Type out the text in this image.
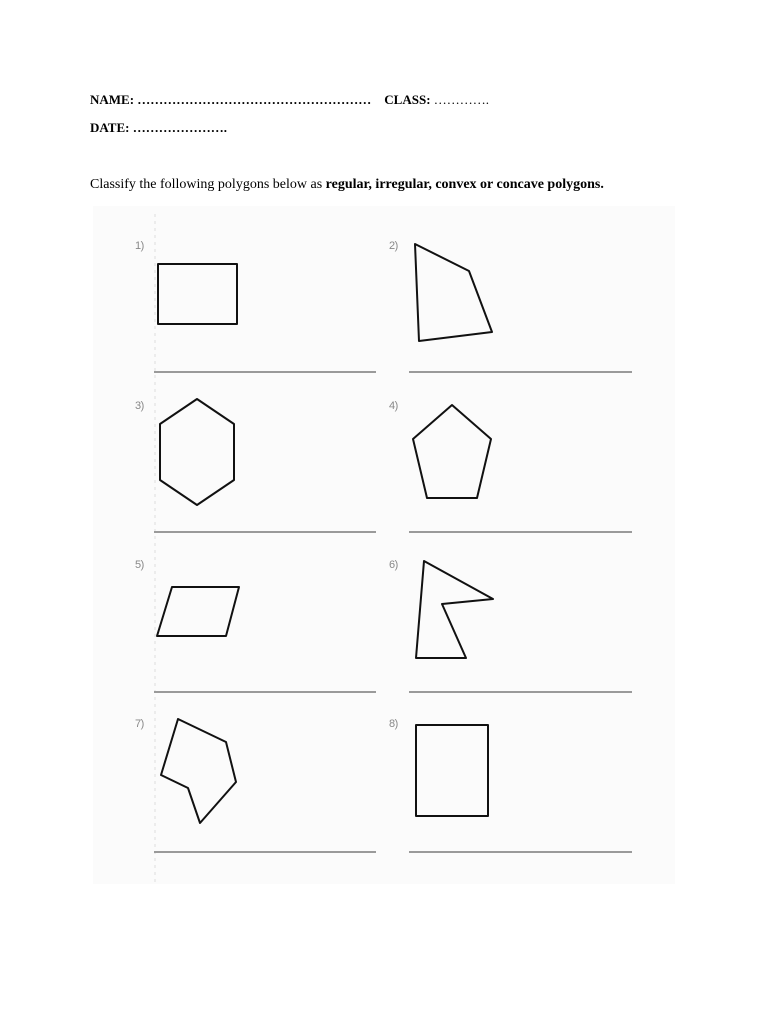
NAME: ……………………………………………… CLASS: ………….
DATE: ………………….
Classify the following polygons below as regular, irregular, convex or concave polygons.
1)	2)
3)	4)
5)	6)
7)	8)
